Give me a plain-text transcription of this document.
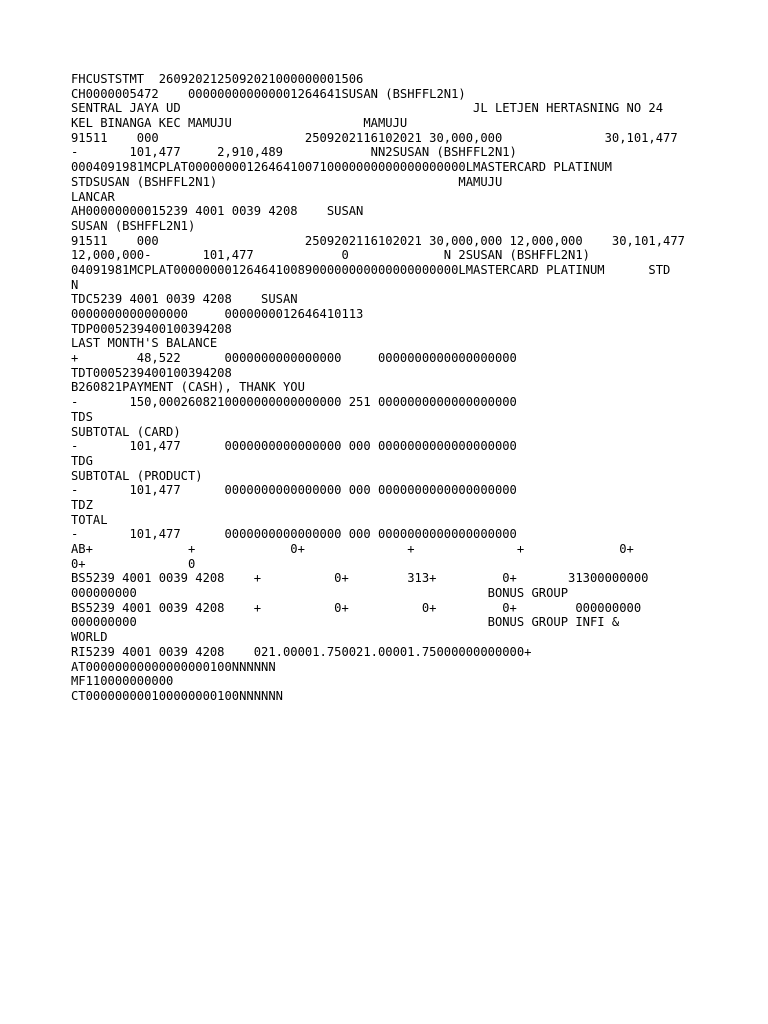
FHCUSTSTMT  2609202125092021000000001506
CH0000005472    000000000000001264641SUSAN (BSHFFL2N1)
SENTRAL JAYA UD                                        JL LETJEN HERTASNING NO 24
KEL BINANGA KEC MAMUJU                  MAMUJU
91511    000                    2509202116102021 30,000,000              30,101,477
-       101,477     2,910,489            NN2SUSAN (BSHFFL2N1)
0004091981MCPLAT00000000126464100710000000000000000000LMASTERCARD PLATINUM
STDSUSAN (BSHFFL2N1)                                 MAMUJU
LANCAR
AH00000000015239 4001 0039 4208    SUSAN
SUSAN (BSHFFL2N1)
91511    000                    2509202116102021 30,000,000 12,000,000    30,101,477
12,000,000-       101,477            0             N 2SUSAN (BSHFFL2N1)
04091981MCPLAT000000001264641008900000000000000000000LMASTERCARD PLATINUM      STD
N
TDC5239 4001 0039 4208    SUSAN
0000000000000000     0000000012646410113
TDP0005239400100394208
LAST MONTH'S BALANCE
+        48,522      0000000000000000     0000000000000000000
TDT0005239400100394208
B260821PAYMENT (CASH), THANK YOU
-       150,0002608210000000000000000 251 0000000000000000000
TDS
SUBTOTAL (CARD)
-       101,477      0000000000000000 000 0000000000000000000
TDG
SUBTOTAL (PRODUCT)
-       101,477      0000000000000000 000 0000000000000000000
TDZ
TOTAL
-       101,477      0000000000000000 000 0000000000000000000
AB+             +             0+              +              +             0+
0+              0
BS5239 4001 0039 4208    +          0+        313+         0+       31300000000
000000000                                                BONUS GROUP
BS5239 4001 0039 4208    +          0+          0+         0+        000000000
000000000                                                BONUS GROUP INFI &
WORLD
RI5239 4001 0039 4208    021.00001.750021.00001.75000000000000+
AT00000000000000000100NNNNNN
MF110000000000
CT000000000100000000100NNNNNN
